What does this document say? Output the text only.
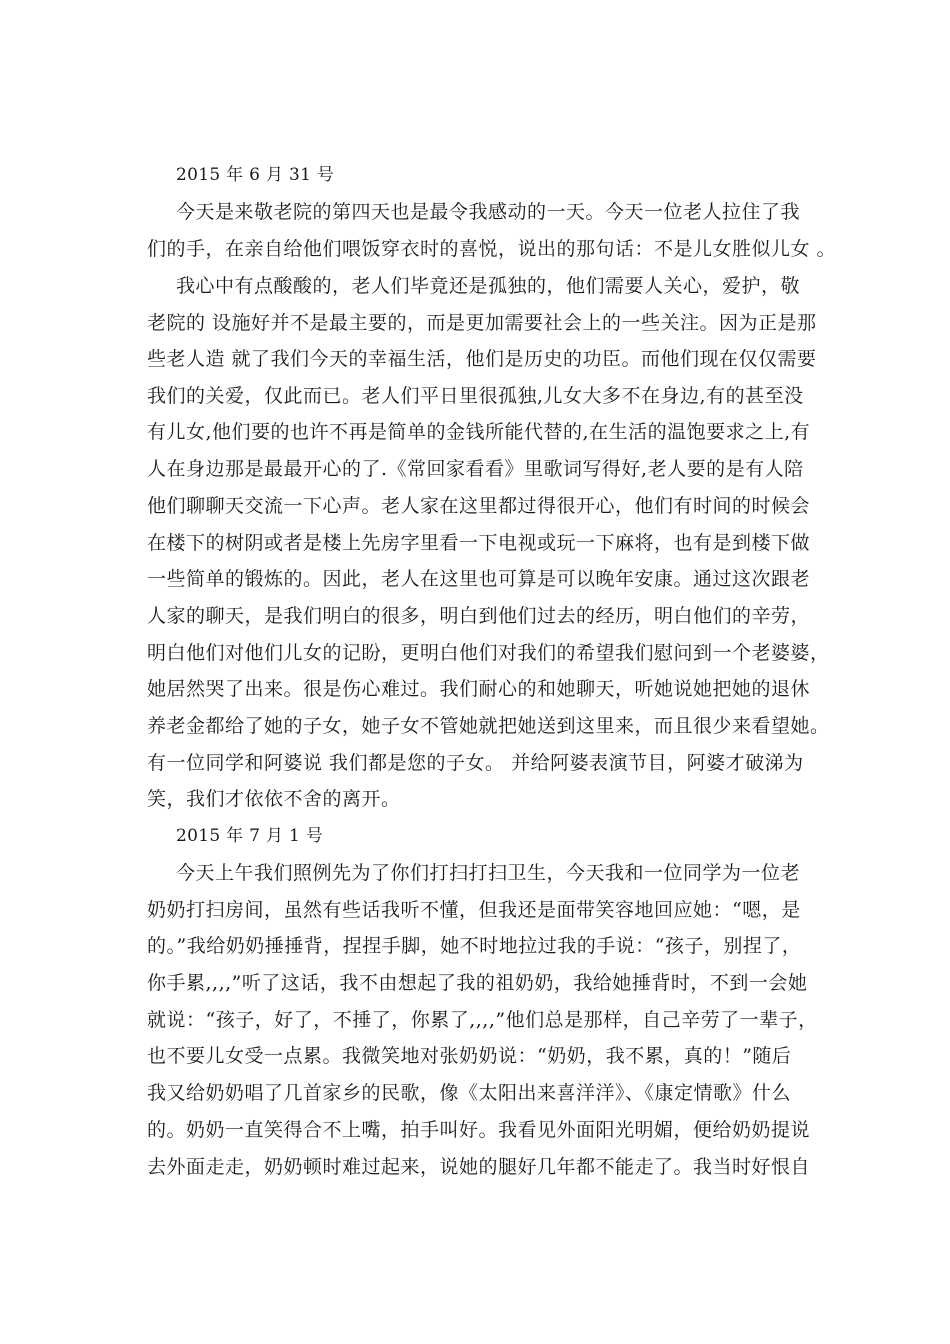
2015 年 6 月 31 号
今天是来敬老院的第四天也是最令我感动的一天。今天一位老人拉住了我
们的手，在亲自给他们喂饭穿衣时的喜悦，说出的那句话：不是儿女胜似儿女 。
我心中有点酸酸的，老人们毕竟还是孤独的，他们需要人关心，爱护，敬
老院的 设施好并不是最主要的，而是更加需要社会上的一些关注。因为正是那
些老人造 就了我们今天的幸福生活，他们是历史的功臣。而他们现在仅仅需要
我们的关爱，仅此而已。老人们平日里很孤独,儿女大多不在身边,有的甚至没
有儿女,他们要的也许不再是简单的金钱所能代替的,在生活的温饱要求之上,有
人在身边那是最最开心的了.《常回家看看》里歌词写得好,老人要的是有人陪
他们聊聊天交流一下心声。老人家在这里都过得很开心，他们有时间的时候会
在楼下的树阴或者是楼上先房字里看一下电视或玩一下麻将，也有是到楼下做
一些简单的锻炼的。因此，老人在这里也可算是可以晚年安康。通过这次跟老
人家的聊天，是我们明白的很多，明白到他们过去的经历，明白他们的辛劳，
明白他们对他们儿女的记盼，更明白他们对我们的希望我们慰问到一个老婆婆，
她居然哭了出来。很是伤心难过。我们耐心的和她聊天，听她说她把她的退休
养老金都给了她的子女，她子女不管她就把她送到这里来，而且很少来看望她。
有一位同学和阿婆说 我们都是您的子女。 并给阿婆表演节目，阿婆才破涕为
笑，我们才依依不舍的离开。
2015 年 7 月 1 号
今天上午我们照例先为了你们打扫打扫卫生，今天我和一位同学为一位老
奶奶打扫房间，虽然有些话我听不懂，但我还是面带笑容地回应她：“嗯，是
的。”我给奶奶捶捶背，捏捏手脚，她不时地拉过我的手说：“孩子，别捏了，
你手累,,,,”听了这话，我不由想起了我的祖奶奶，我给她捶背时，不到一会她
就说：“孩子，好了，不捶了，你累了,,,,”他们总是那样，自己辛劳了一辈子，
也不要儿女受一点累。我微笑地对张奶奶说：“奶奶，我不累，真的！”随后
我又给奶奶唱了几首家乡的民歌，像《太阳出来喜洋洋》、《康定情歌》什么
的。奶奶一直笑得合不上嘴，拍手叫好。我看见外面阳光明媚，便给奶奶提说
去外面走走，奶奶顿时难过起来，说她的腿好几年都不能走了。我当时好恨自
